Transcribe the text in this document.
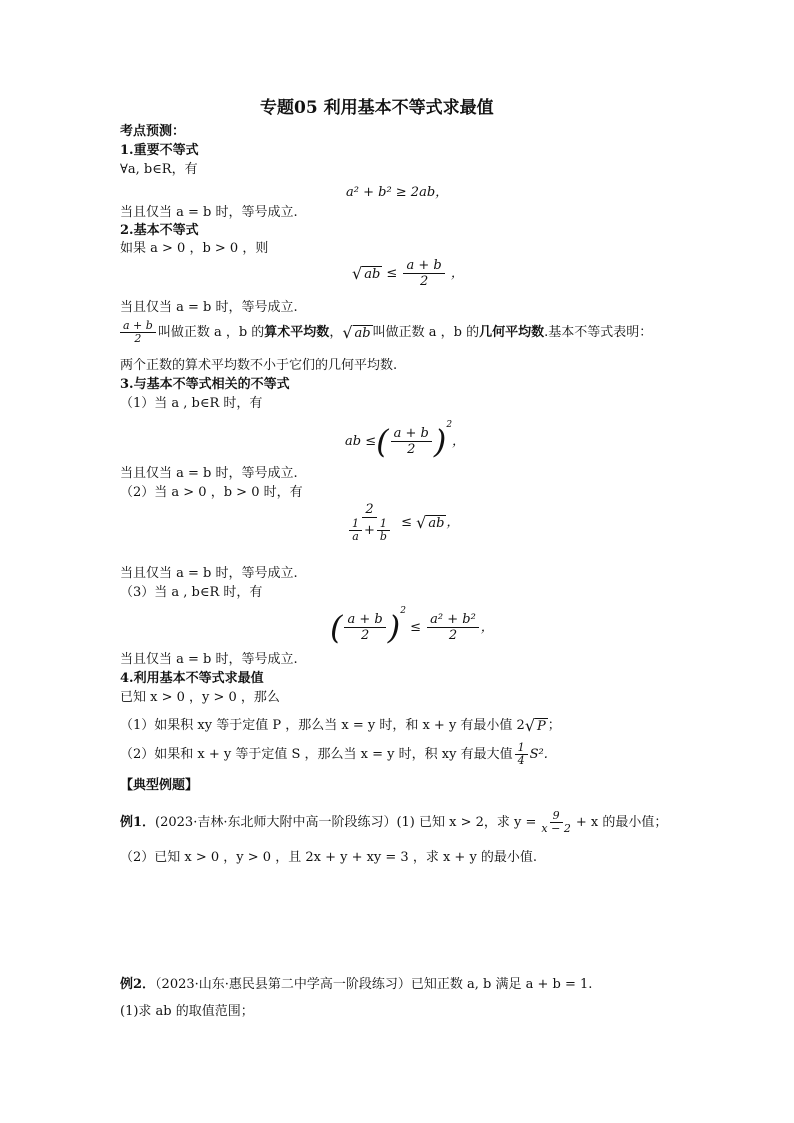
专题05 利用基本不等式求最值
考点预测：
1.重要不等式
∀a, b∈R，有
a² + b² ≥ 2ab，
当且仅当 a = b 时，等号成立.
2.基本不等式
如果 a > 0 ，b > 0 ，则
√ ab ≤ $\frac{a + b}{2}$ ，
当且仅当 a = b 时，等号成立.
$\frac{a + b}{2}$ 叫做正数 a ，b 的算术平均数， √ ab 叫做正数 a ，b 的几何平均数.基本不等式表明：
两个正数的算术平均数不小于它们的几何平均数.
3.与基本不等式相关的不等式
（1）当 a , b∈R 时，有
ab ≤( $\frac{a + b}{2} )^2$，
当且仅当 a = b 时，等号成立.
（2）当 a > 0 ，b > 0 时，有
$\frac{2}{\frac{1}{a} + \frac{1}{b}}$ ≤ √ ab ，
当且仅当 a = b 时，等号成立.
（3）当 a , b∈R 时，有
( $\frac{a + b}{2} )^2 \le \frac{\text{a² + b²}}{2}$ ，
当且仅当 a = b 时，等号成立.
4.利用基本不等式求最值
已知 x > 0 ，y > 0 ，那么
（1）如果积 xy 等于定值 P ，那么当 x = y 时，和 x + y 有最小值 2 √ P ；
（2）如果和 x + y 等于定值 S ，那么当 x = y 时，积 xy 有最大值 $\frac{1}{4} S^2$.
【典型例题】
例1．(2023·吉林·东北师大附中高一阶段练习）(1) 已知 x > 2，求 $y = \frac{9}{x - 2} + x$ 的最小值；
（2）已知 x > 0 ，y > 0 ，且 2x + y + xy = 3 ，求 x + y 的最小值.
例2．（2023·山东·惠民县第二中学高一阶段练习）已知正数 a, b 满足 a + b = 1.
(1)求 ab 的取值范围；
